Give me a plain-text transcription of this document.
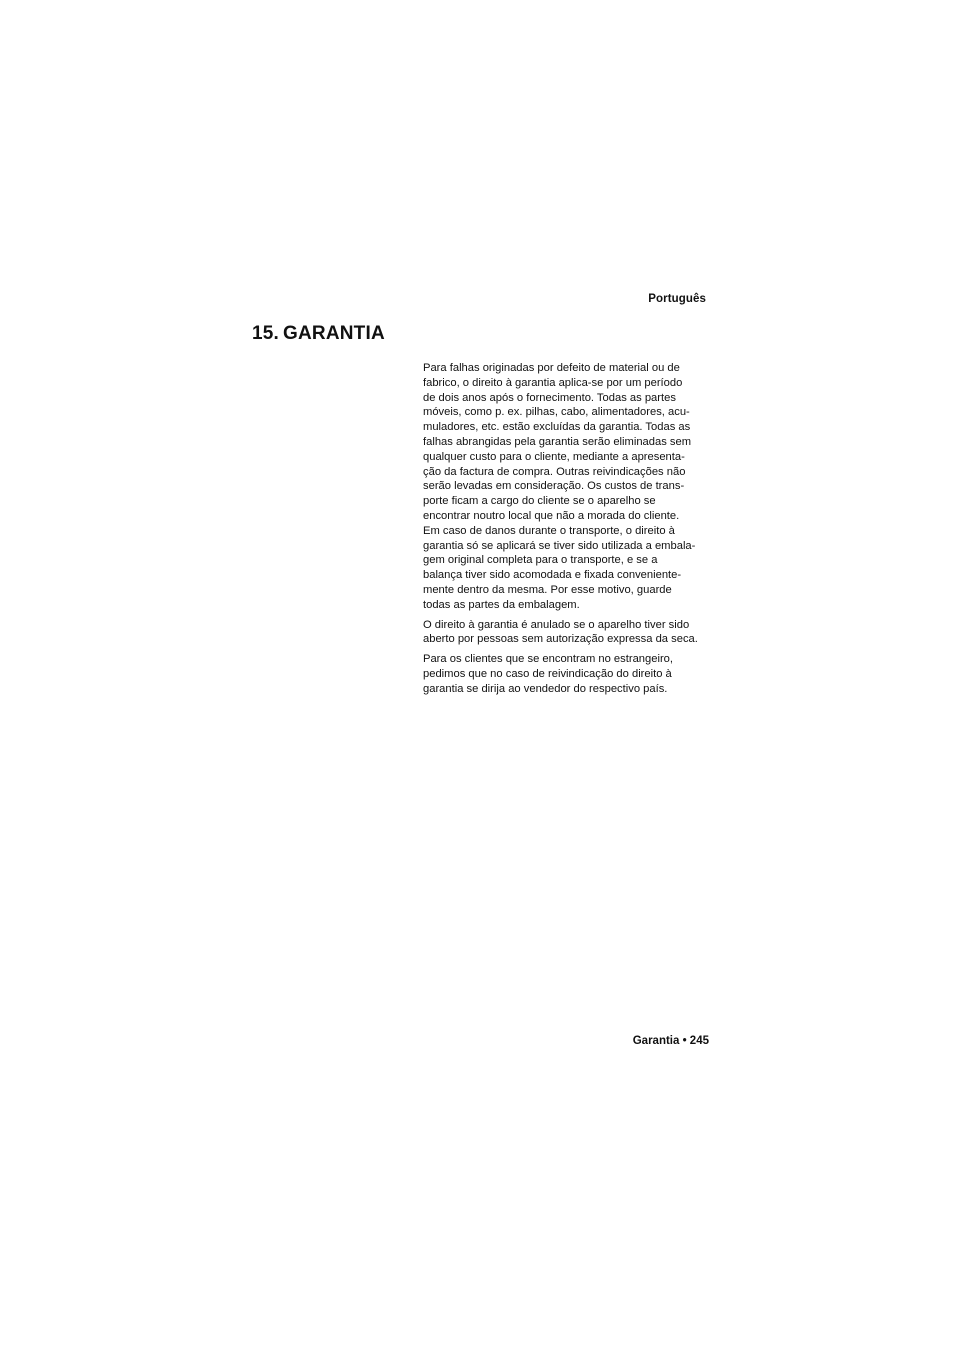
Português
15. GARANTIA
Para falhas originadas por defeito de material ou de
fabrico, o direito à garantia aplica-se por um período
de dois anos após o fornecimento. Todas as partes
móveis, como p. ex. pilhas, cabo, alimentadores, acu-
muladores, etc. estão excluídas da garantia. Todas as
falhas abrangidas pela garantia serão eliminadas sem
qualquer custo para o cliente, mediante a apresenta-
ção da factura de compra. Outras reivindicações não
serão levadas em consideração. Os custos de trans-
porte ficam a cargo do cliente se o aparelho se
encontrar noutro local que não a morada do cliente.
Em caso de danos durante o transporte, o direito à
garantia só se aplicará se tiver sido utilizada a embala-
gem original completa para o transporte, e se a
balança tiver sido acomodada e fixada conveniente-
mente dentro da mesma. Por esse motivo, guarde
todas as partes da embalagem.
O direito à garantia é anulado se o aparelho tiver sido
aberto por pessoas sem autorização expressa da seca.
Para os clientes que se encontram no estrangeiro,
pedimos que no caso de reivindicação do direito à
garantia se dirija ao vendedor do respectivo país.
Garantia • 245
